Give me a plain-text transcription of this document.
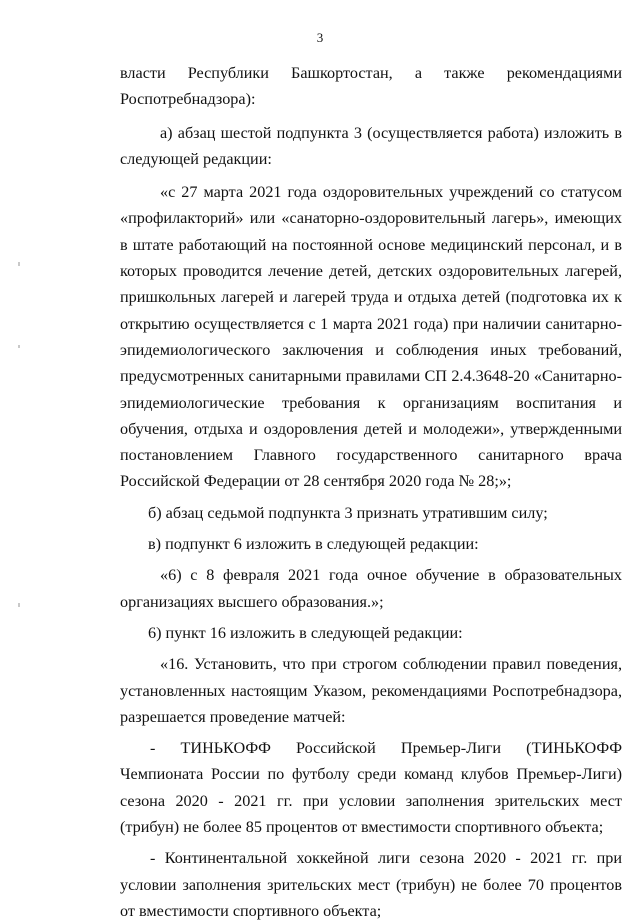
3

власти Республики Башкортостан, а также рекомендациями Роспотребнадзора):

а) абзац шестой подпункта 3 (осуществляется работа) изложить в следующей редакции:

«с 27 марта 2021 года оздоровительных учреждений со статусом «профилакторий» или «санаторно-оздоровительный лагерь», имеющих в штате работающий на постоянной основе медицинский персонал, и в которых проводится лечение детей, детских оздоровительных лагерей, пришкольных лагерей и лагерей труда и отдыха детей (подготовка их к открытию осуществляется с 1 марта 2021 года) при наличии санитарно-эпидемиологического заключения и соблюдения иных требований, предусмотренных санитарными правилами СП 2.4.3648-20 «Санитарно-эпидемиологические требования к организациям воспитания и обучения, отдыха и оздоровления детей и молодежи», утвержденными постановлением Главного государственного санитарного врача Российской Федерации от 28 сентября 2020 года № 28;»;

б) абзац седьмой подпункта 3 признать утратившим силу;

в) подпункт 6 изложить в следующей редакции:

«6) с 8 февраля 2021 года очное обучение в образовательных организациях высшего образования.»;

6) пункт 16 изложить в следующей редакции:

«16. Установить, что при строгом соблюдении правил поведения, установленных настоящим Указом, рекомендациями Роспотребнадзора, разрешается проведение матчей:

- ТИНЬКОФФ Российской Премьер-Лиги (ТИНЬКОФФ Чемпионата России по футболу среди команд клубов Премьер-Лиги) сезона 2020 - 2021 гг. при условии заполнения зрительских мест (трибун) не более 85 процентов от вместимости спортивного объекта;

- Континентальной хоккейной лиги сезона 2020 - 2021 гг. при условии заполнения зрительских мест (трибун) не более 70 процентов от вместимости спортивного объекта;
